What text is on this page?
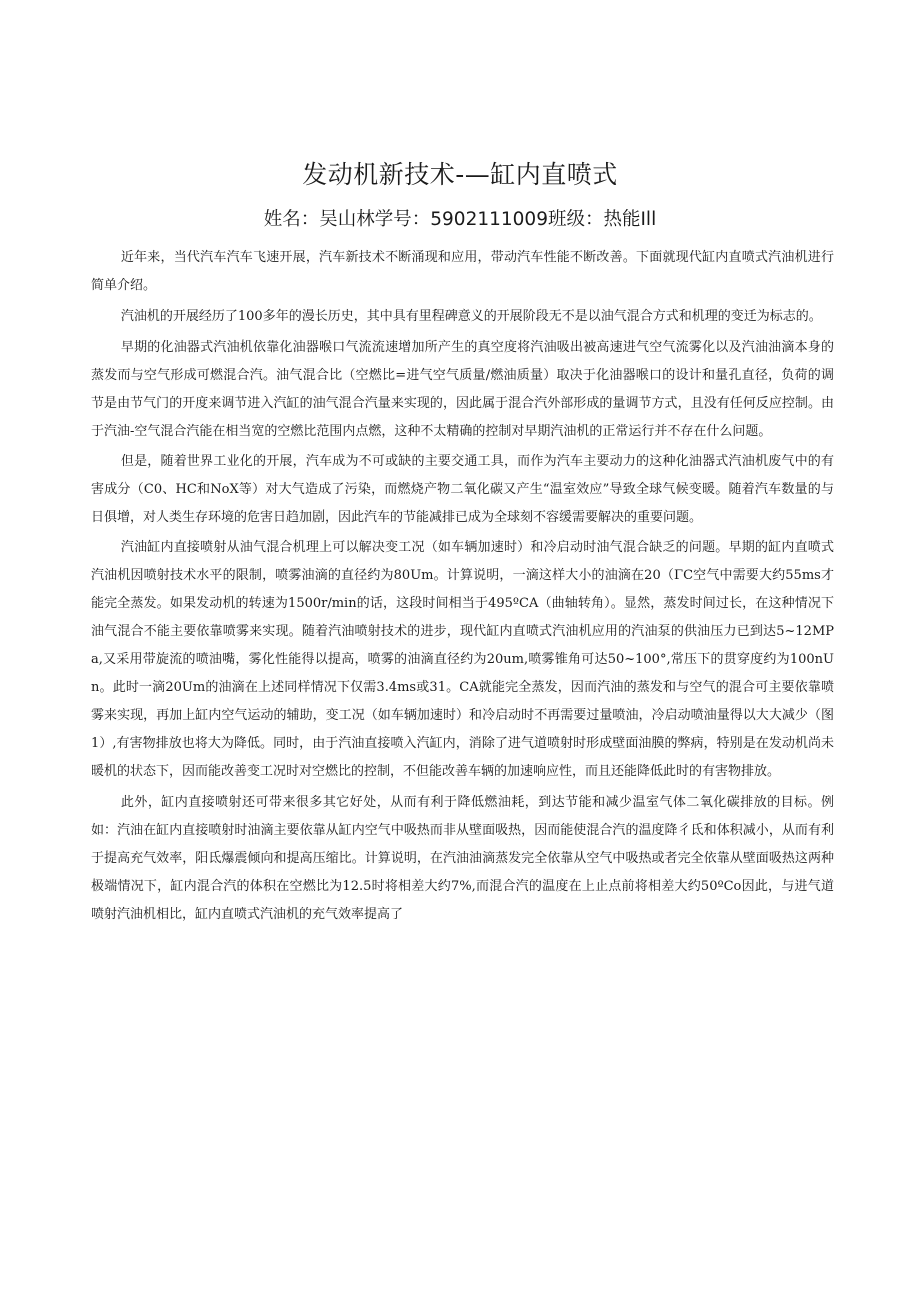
发动机新技术-—缸内直喷式

姓名：吴山林学号：5902111009班级：热能Ill

近年来，当代汽车汽车飞速开展，汽车新技术不断涌现和应用，带动汽车性能不断改善。下面就现代缸内直喷式汽油机进行简单介绍。

汽油机的开展经历了100多年的漫长历史，其中具有里程碑意义的开展阶段无不是以油气混合方式和机理的变迁为标志的。

早期的化油器式汽油机依靠化油器喉口气流流速增加所产生的真空度将汽油吸出被高速进气空气流雾化以及汽油油滴本身的蒸发而与空气形成可燃混合汽。油气混合比（空燃比=进气空气质量/燃油质量）取决于化油器喉口的设计和量孔直径，负荷的调节是由节气门的开度来调节进入汽缸的油气混合汽量来实现的，因此属于混合汽外部形成的量调节方式，且没有任何反应控制。由于汽油-空气混合汽能在相当宽的空燃比范围内点燃，这种不太精确的控制对早期汽油机的正常运行并不存在什么问题。

但是，随着世界工业化的开展，汽车成为不可或缺的主要交通工具，而作为汽车主要动力的这种化油器式汽油机废气中的有害成分（C0、HC和NoX等）对大气造成了污染，而燃烧产物二氧化碳又产生“温室效应”导致全球气候变暖。随着汽车数量的与日俱增，对人类生存环境的危害日趋加剧，因此汽车的节能减排已成为全球刻不容缓需要解决的重要问题。

汽油缸内直接喷射从油气混合机理上可以解决变工况（如车辆加速时）和冷启动时油气混合缺乏的问题。早期的缸内直喷式汽油机因喷射技术水平的限制，喷雾油滴的直径约为80Um。计算说明，一滴这样大小的油滴在20（ΓC空气中需要大约55ms才能完全蒸发。如果发动机的转速为1500r∕min的话，这段时间相当于495ºCA（曲轴转角）。显然，蒸发时间过长，在这种情况下油气混合不能主要依靠喷雾来实现。随着汽油喷射技术的进步，现代缸内直喷式汽油机应用的汽油泵的供油压力已到达5~12MPa,又采用带旋流的喷油嘴，雾化性能得以提高，喷雾的油滴直径约为20um,喷雾锥角可达50~100°,常压下的贯穿度约为100nUn。此时一滴20Um的油滴在上述同样情况下仅需3.4ms或31。CA就能完全蒸发，因而汽油的蒸发和与空气的混合可主要依靠喷雾来实现，再加上缸内空气运动的辅助，变工况（如车辆加速时）和冷启动时不再需要过量喷油，冷启动喷油量得以大大减少（图1）,有害物排放也将大为降低。同时，由于汽油直接喷入汽缸内，消除了进气道喷射时形成壁面油膜的弊病，特别是在发动机尚未暖机的状态下，因而能改善变工况时对空燃比的控制，不但能改善车辆的加速响应性，而且还能降低此时的有害物排放。

此外，缸内直接喷射还可带来很多其它好处，从而有利于降低燃油耗，到达节能和减少温室气体二氧化碳排放的目标。例如：汽油在缸内直接喷射时油滴主要依靠从缸内空气中吸热而非从壁面吸热，因而能使混合汽的温度降彳氐和体积减小，从而有利于提高充气效率，阳氐爆震倾向和提高压缩比。计算说明，在汽油油滴蒸发完全依靠从空气中吸热或者完全依靠从壁面吸热这两种极端情况下，缸内混合汽的体积在空燃比为12.5时将相差大约7%,而混合汽的温度在上止点前将相差大约50ºCo因此，与进气道喷射汽油机相比，缸内直喷式汽油机的充气效率提高了
